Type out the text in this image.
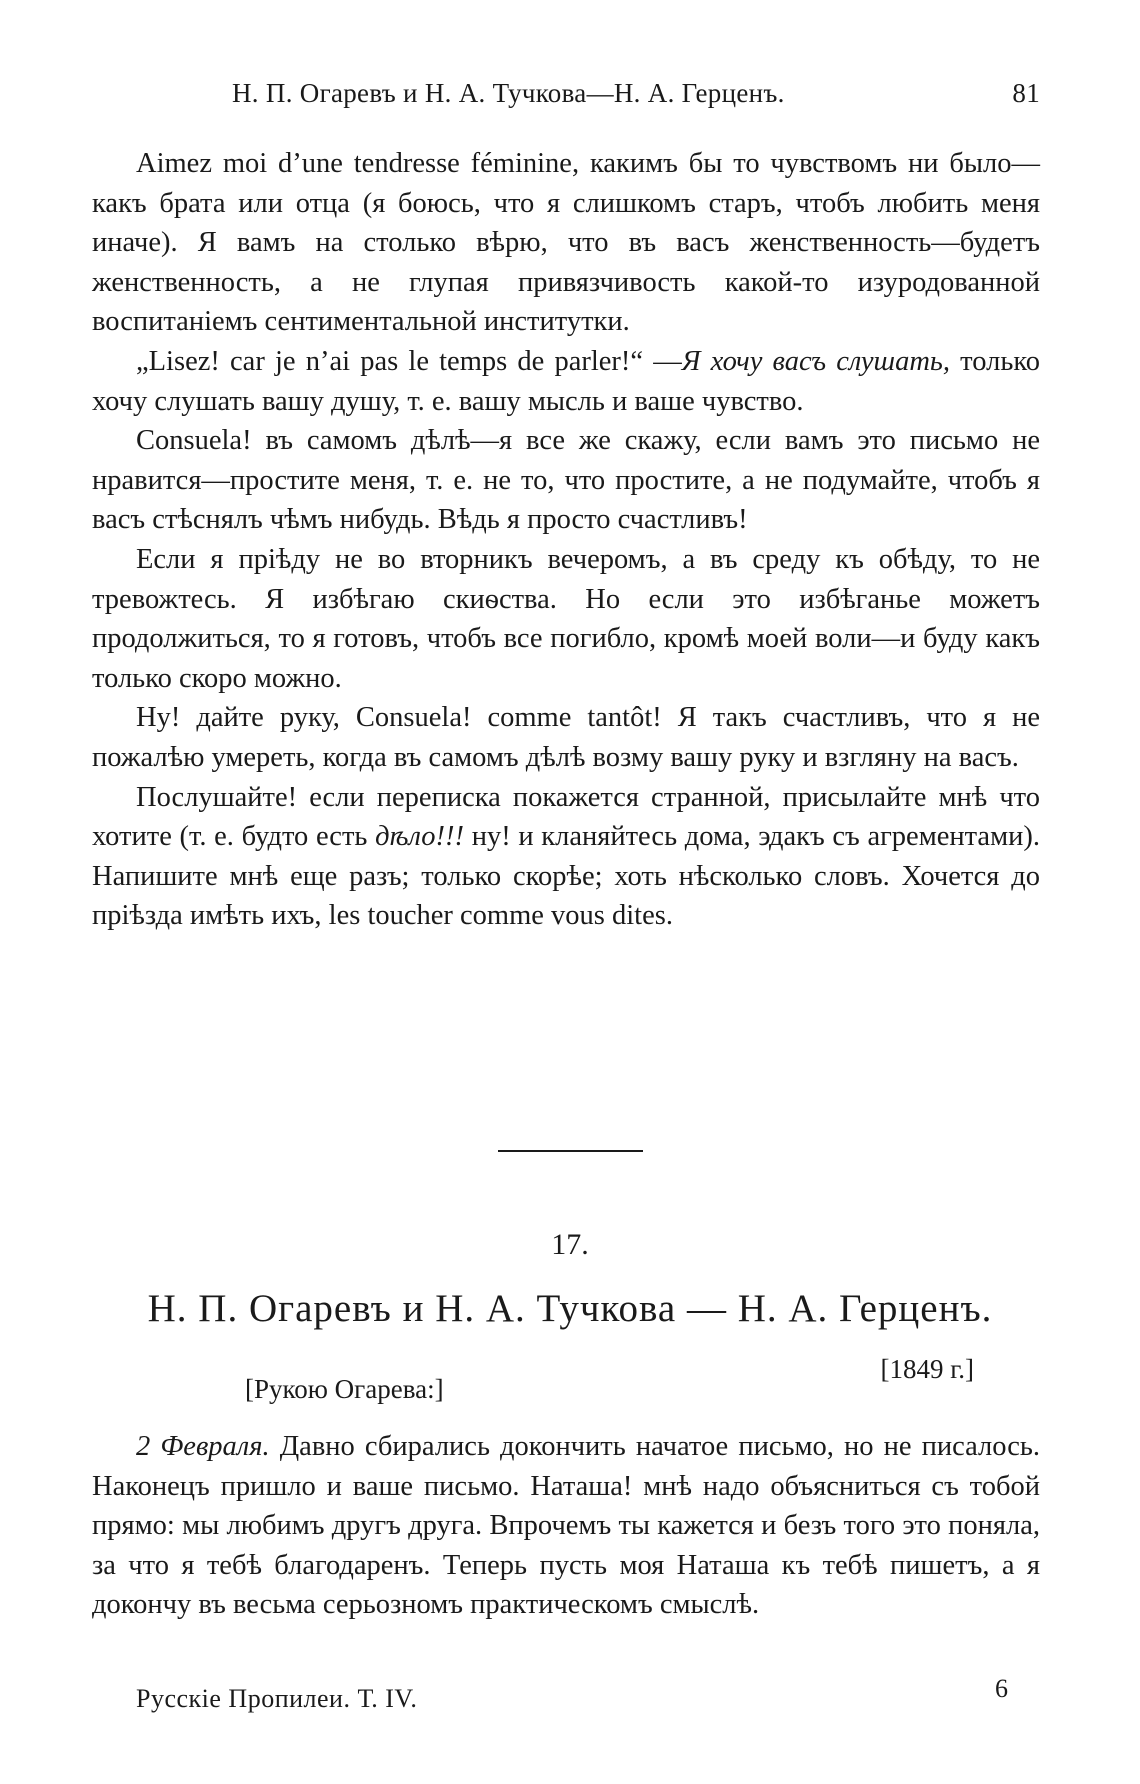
Н. П. Огаревъ и Н. А. Тучкова—Н. А. Герценъ.	81

Aimez moi d’une tendresse féminine, какимъ бы то чувствомъ ни было—какъ брата или отца (я боюсь, что я слишкомъ старъ, чтобъ любить меня иначе). Я вамъ на столько вѣрю, что въ васъ женственность—будетъ женственность, а не глупая привязчивость какой-то изуродованной воспитаніемъ сентиментальной институтки.

„Lisez! car je n’ai pas le temps de parler!“ —Я хочу васъ слушать, только хочу слушать вашу душу, т. е. вашу мысль и ваше чувство.

Consuela! въ самомъ дѣлѣ—я все же скажу, если вамъ это письмо не нравится—простите меня, т. е. не то, что простите, а не подумайте, чтобъ я васъ стѣснялъ чѣмъ нибудь. Вѣдь я просто счастливъ!

Если я пріѣду не во вторникъ вечеромъ, а въ среду къ обѣду, то не тревожтесь. Я избѣгаю скиѳства. Но если это избѣганье можетъ продолжиться, то я готовъ, чтобъ все погибло, кромѣ моей воли—и буду какъ только скоро можно.

Ну! дайте руку, Consuela! comme tantôt! Я такъ счастливъ, что я не пожалѣю умереть, когда въ самомъ дѣлѣ возму вашу руку и взгляну на васъ.

Послушайте! если переписка покажется странной, присылайте мнѣ что хотите (т. е. будто есть дѣло!!! ну! и кланяйтесь дома, эдакъ съ агрементами). Напишите мнѣ еще разъ; только скорѣе; хоть нѣсколько словъ. Хочется до пріѣзда имѣть ихъ, les toucher comme vous dites.

17.
Н. П. Огаревъ и Н. А. Тучкова — Н. А. Герценъ.
[1849 г.]
[Рукою Огарева:]

2 Февраля. Давно сбирались докончить начатое письмо, но не писалось. Наконецъ пришло и ваше письмо. Наташа! мнѣ надо объясниться съ тобой прямо: мы любимъ другъ друга. Впрочемъ ты кажется и безъ того это поняла, за что я тебѣ благодаренъ. Теперь пусть моя Наташа къ тебѣ пишетъ, а я докончу въ весьма серьозномъ практическомъ смыслѣ.

Русскіе Пропилеи. Т. IV.	6
